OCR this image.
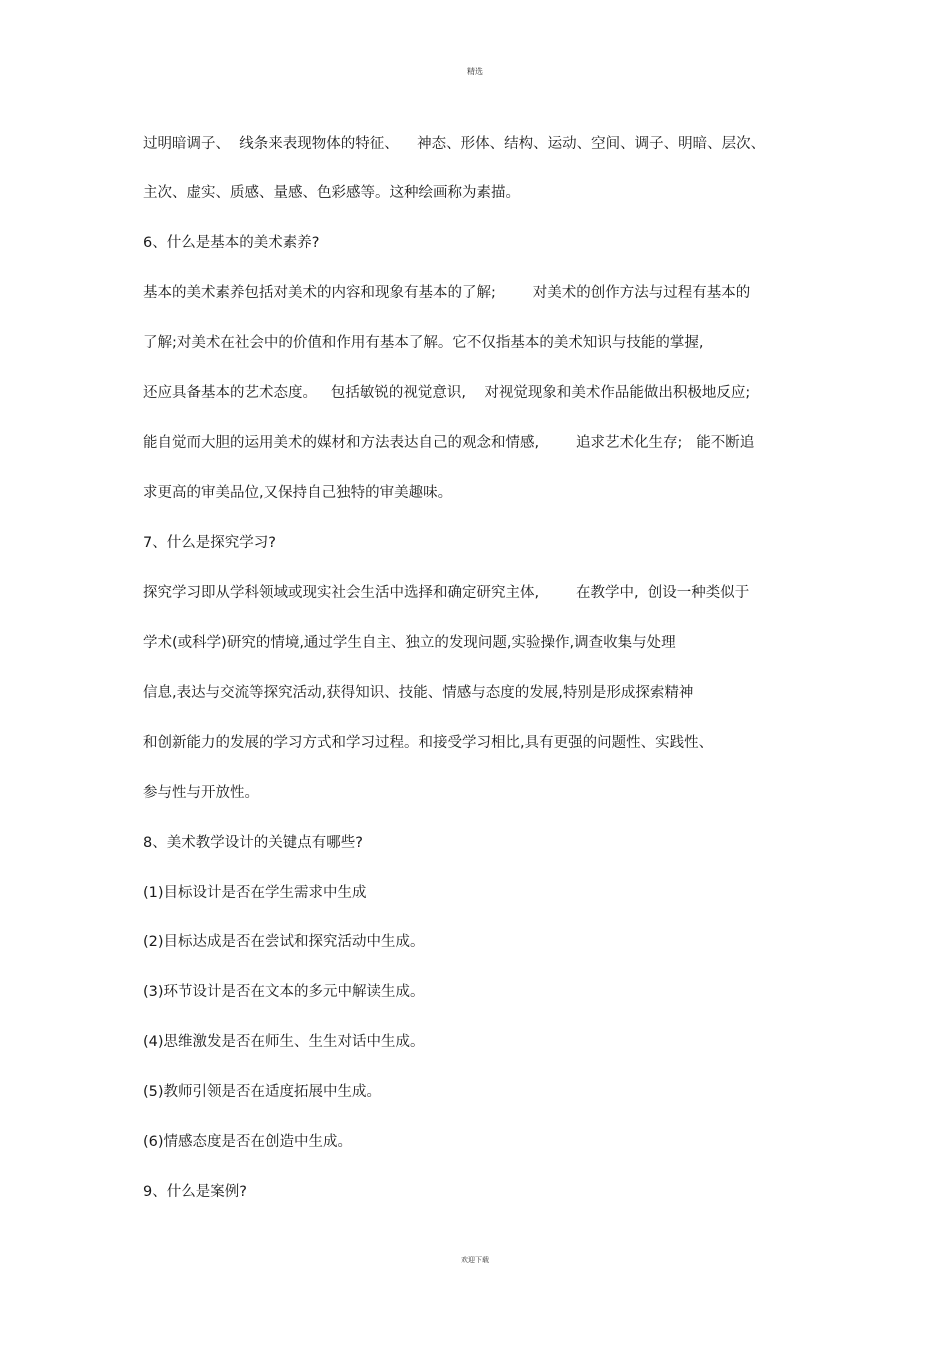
精选
过明暗调子、  线条来表现物体的特征、    神态、形体、结构、运动、空间、调子、明暗、层次、
主次、虚实、质感、量感、色彩感等。这种绘画称为素描。
6、什么是基本的美术素养?
基本的美术素养包括对美术的内容和现象有基本的了解;        对美术的创作方法与过程有基本的
了解;对美术在社会中的价值和作用有基本了解。它不仅指基本的美术知识与技能的掌握,
还应具备基本的艺术态度。   包括敏锐的视觉意识,    对视觉现象和美术作品能做出积极地反应;
能自觉而大胆的运用美术的媒材和方法表达自己的观念和情感,        追求艺术化生存;   能不断追
求更高的审美品位,又保持自己独特的审美趣味。
7、什么是探究学习?
探究学习即从学科领域或现实社会生活中选择和确定研究主体,        在教学中,  创设一种类似于
学术(或科学)研究的情境,通过学生自主、独立的发现问题,实验操作,调查收集与处理
信息,表达与交流等探究活动,获得知识、技能、情感与态度的发展,特别是形成探索精神
和创新能力的发展的学习方式和学习过程。和接受学习相比,具有更强的问题性、实践性、
参与性与开放性。
8、美术教学设计的关键点有哪些?
(1)目标设计是否在学生需求中生成
(2)目标达成是否在尝试和探究活动中生成。
(3)环节设计是否在文本的多元中解读生成。
(4)思维激发是否在师生、生生对话中生成。
(5)教师引领是否在适度拓展中生成。
(6)情感态度是否在创造中生成。
9、什么是案例?
欢迎下载
